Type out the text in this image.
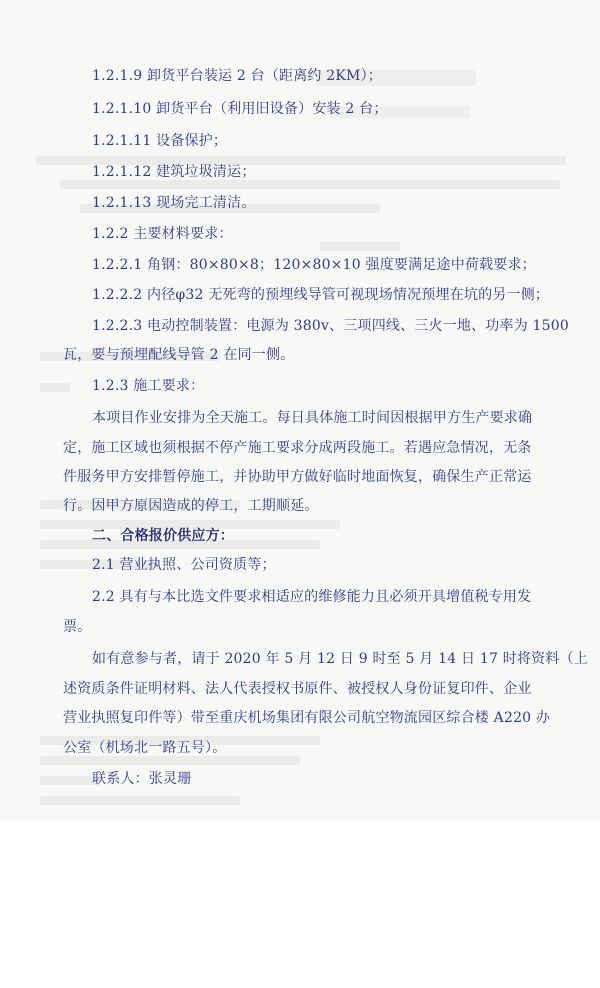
1.2.1.9 卸货平台装运 2 台（距离约 2KM）；
1.2.1.10 卸货平台（利用旧设备）安装 2 台；
1.2.1.11 设备保护；
1.2.1.12 建筑垃圾清运；
1.2.1.13 现场完工清洁。
1.2.2 主要材料要求：
1.2.2.1 角钢：80×80×8；120×80×10 强度要满足途中荷载要求；
1.2.2.2 内径φ32 无死弯的预埋线导管可视现场情况预埋在坑的另一侧；
1.2.2.3 电动控制装置：电源为 380v、三项四线、三火一地、功率为 1500
瓦，要与预埋配线导管 2 在同一侧。
1.2.3 施工要求：
本项目作业安排为全天施工。每日具体施工时间因根据甲方生产要求确
定，施工区域也须根据不停产施工要求分成两段施工。若遇应急情况，无条
件服务甲方安排暂停施工，并协助甲方做好临时地面恢复，确保生产正常运
行。因甲方原因造成的停工，工期顺延。
二、合格报价供应方：
2.1 营业执照、公司资质等；
2.2 具有与本比选文件要求相适应的维修能力且必须开具增值税专用发
票。
如有意参与者，请于 2020 年 5 月 12 日 9 时至 5 月 14 日 17 时将资料（上
述资质条件证明材料、法人代表授权书原件、被授权人身份证复印件、企业
营业执照复印件等）带至重庆机场集团有限公司航空物流园区综合楼 A220 办
公室（机场北一路五号）。
联系人：张灵珊
